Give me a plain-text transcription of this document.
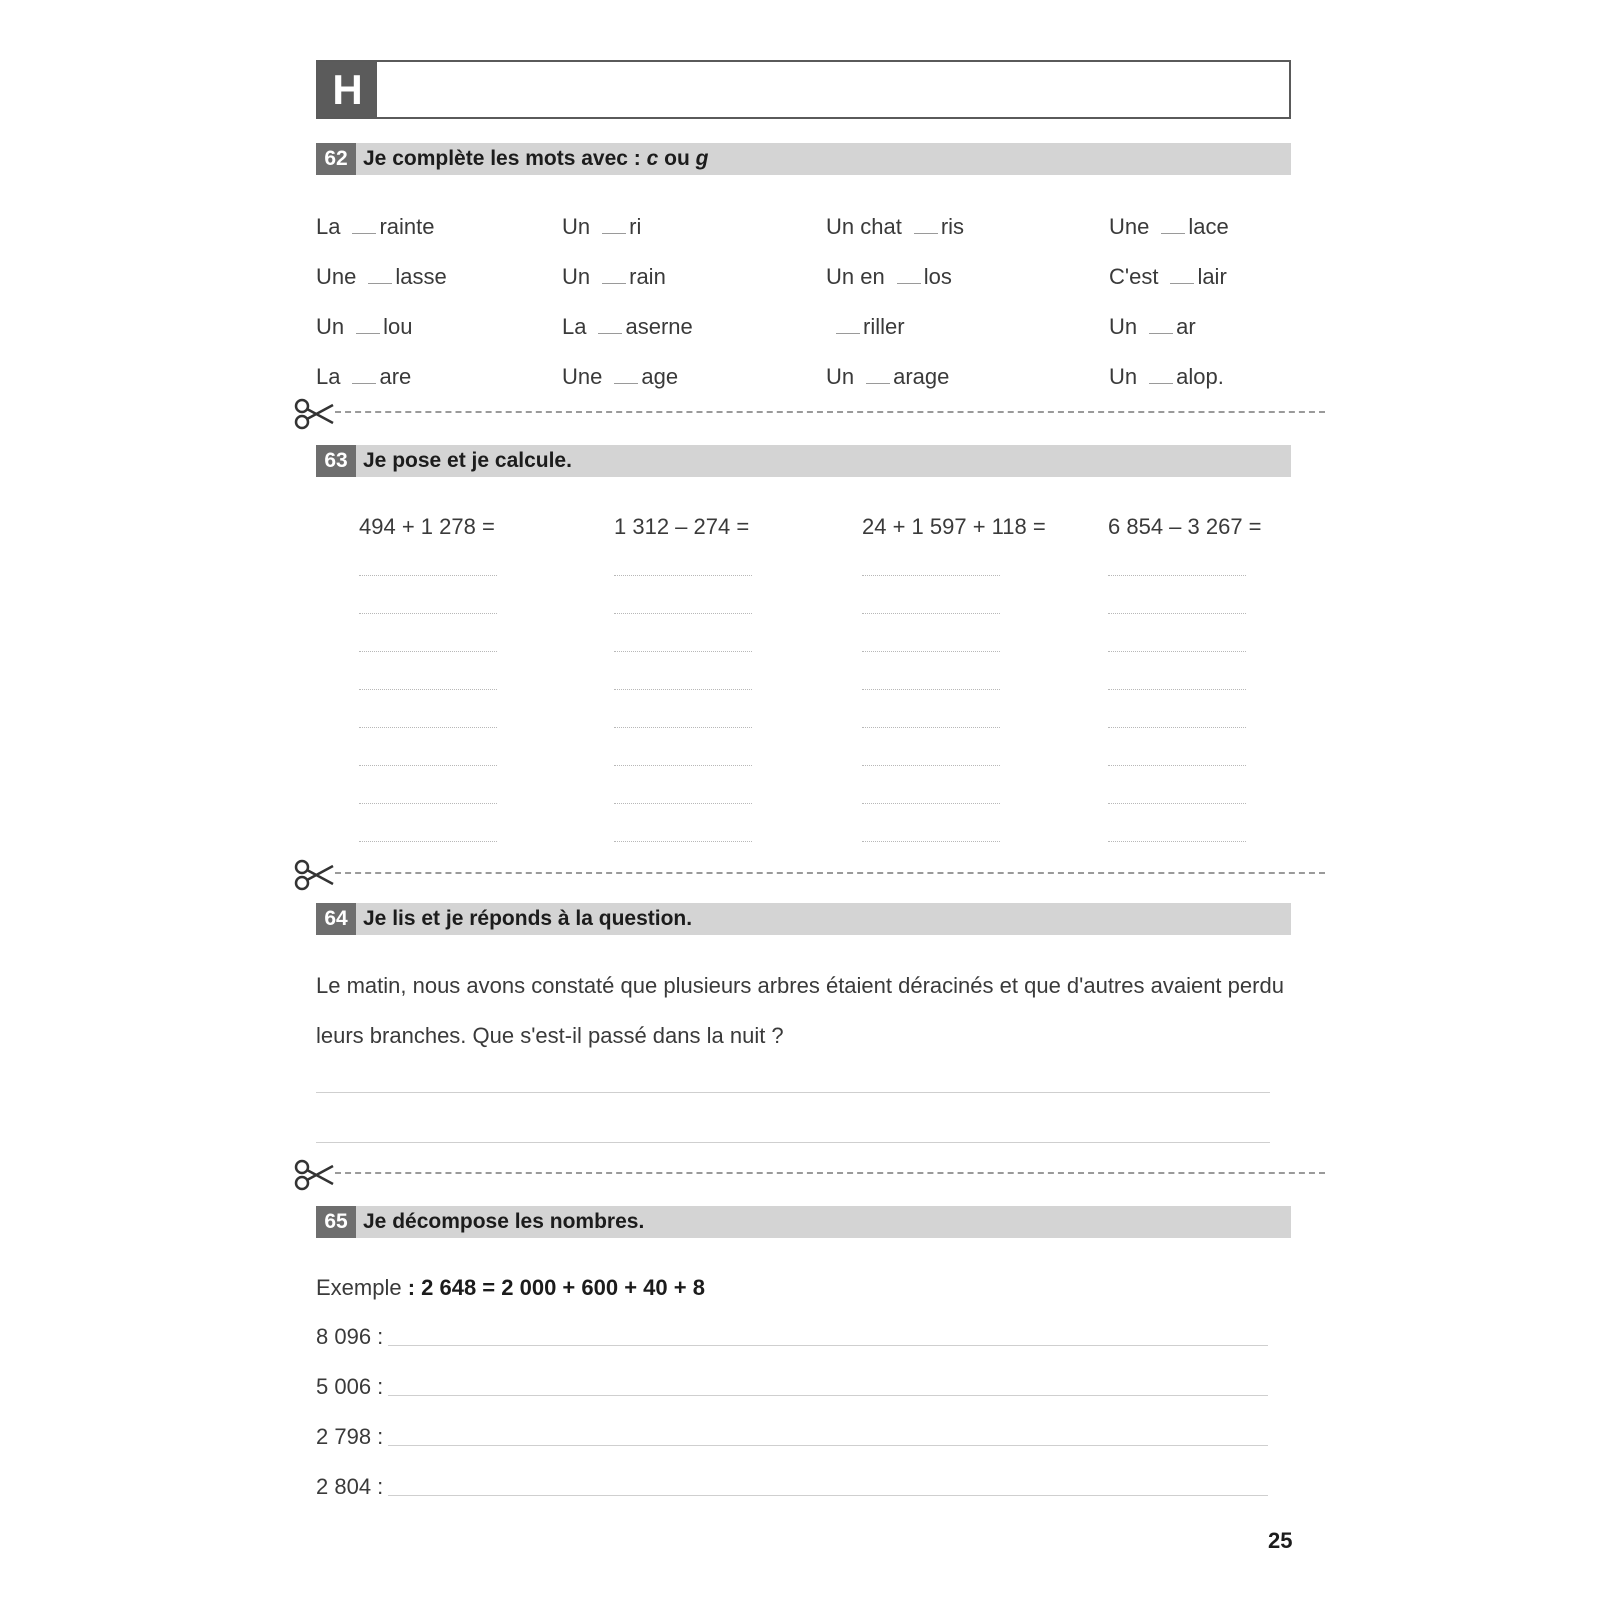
H
62 Je complète les mots avec : c ou g
La rainte	Un ri	Un chat ris	Une lace
Une lasse	Un rain	Un en los	C'est lair
Un lou	La aserne	riller	Un ar
La are	Une age	Un arage	Un alop.
63 Je pose et je calcule.
494 + 1 278 =	1 312 – 274 =	24 + 1 597 + 118 =	6 854 – 3 267 =
64 Je lis et je réponds à la question.
Le matin, nous avons constaté que plusieurs arbres étaient déracinés et que d'autres avaient perdu
leurs branches. Que s'est-il passé dans la nuit ?
65 Je décompose les nombres.
Exemple : 2 648 = 2 000 + 600 + 40 + 8
8 096 :
5 006 :
2 798 :
2 804 :
25
